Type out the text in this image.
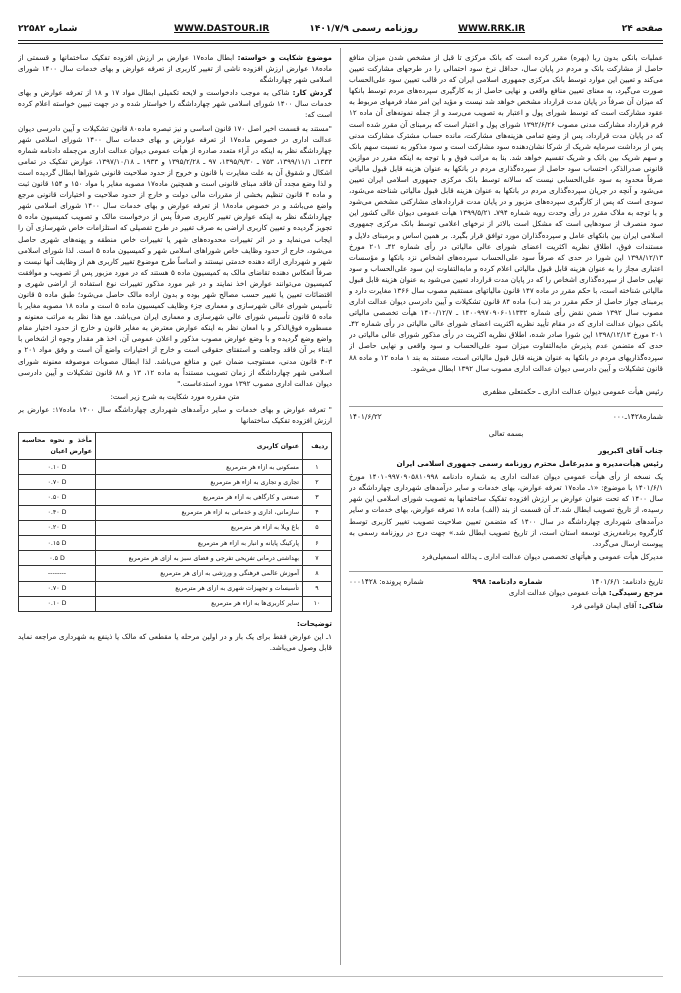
شماره ۲۲۵۸۲	WWW.DASTOUR.IR	روزنامه رسمی ۱۴۰۱/۷/۹	WWW.RRK.IR	صفحه ۲۴

عملیات بانکی بدون ربا (بهره) مقرر کرده است که بانک مرکزی تا قبل از مشخص شدن میزان منافع حاصل از مشارکت بانک و مردم در پایان سال، حداقل نرخ سود احتمالی را در طرحهای مشارکت تعیین می‌کند و تعیین این موارد توسط بانک مرکزی جمهوری اسلامی ایران که در قالب تعیین سود علی‌الحساب صورت می‌گیرد، به معنای تعیین منافع واقعی و نهایی حاصل از به کارگیری سپرده‌های مردم توسط بانکها که میزان آن صرفاً در پایان مدت قرارداد مشخص خواهد شد نیست و مؤید این امر مفاد فرمهای مربوط به عقود مشارکت است که توسط شورای پول و اعتبار به تصویب می‌رسد و از جمله نمونه‌های آن ماده ۱۲ فرم قرارداد مشارکت مدنی مصوب ۱۳۹۲/۶/۲۶ شورای پول و اعتبار است که برمبنای آن مقرر شده است که در پایان مدت قرارداد، پس از وضع تمامی هزینه‌های مشارکت، مانده حساب مشترک مشارکت مدنی پس از برداشت سرمایه شریک از شرکا نشان‌دهنده سود مشارکت است و سود مذکور به نسبت سهم بانک و سهم شریک بین بانک و شریک تقسیم خواهد شد. بنا به مراتب فوق و با توجه به اینکه مقرر در موازین قانونی صدرالذکر، احتساب سود حاصل از سپرده‌گذاری مردم در بانکها به عنوان هزینه قابل قبول مالیاتی صرفاً محدود به سود علی‌الحسابی نیست که سالانه توسط بانک مرکزی جمهوری اسلامی ایران تعیین می‌شود و آنچه در جریان سپرده‌گذاری مردم در بانکها به عنوان هزینه قابل قبول مالیاتی شناخته می‌شود، سودی است که پس از کارگیری سپرده‌های مزبور و در پایان مدت قراردادهای مشارکتی مشخص می‌شود و با توجه به ملاک مقرر در رأی وحدت رویه شماره ۷۹۴ـ ۱۳۹۹/۵/۲۱ هیأت عمومی دیوان عالی کشور این سود منصرف از سودهایی است که مشکل است بالاتر از نرخهای اعلامی توسط بانک مرکزی جمهوری اسلامی ایران بین بانکهای عامل و سپرده‌گذاران مورد توافق قرار بگیرد. بر همین اساس و برمبنای دلایل و مستندات فوق، اطلاق نظریه اکثریت اعضای شورای عالی مالیاتی در رأی شماره ۴۲ـ ۲۰۱ مورخ ۱۳۹۸/۱۲/۱۳ این شورا در حدی که صرفاً سود علی‌الحساب سپرده‌های اشخاص نزد بانکها و مؤسسات اعتباری مجاز را به عنوان هزینه قابل قبول مالیاتی اعلام کرده و مابه‌التفاوت این سود علی‌الحساب و سود نهایی حاصل از سپرده‌گذاری اشخاص را که در پایان مدت قرارداد تعیین می‌شود به عنوان هزینه قابل قبول مالیاتی شناخته است، با حکم مقرر در ماده ۱۴۷ قانون مالیاتهای مستقیم مصوب سال ۱۳۶۶ مغایرت دارد و برمبنای جواز حاصل از حکم مقرر در بند (ب) ماده ۸۴ قانون تشکیلات و آیین دادرسی دیوان عدالت اداری مصوب سال ۱۳۹۲ ضمن نقض رأی شماره ۱۴۰۰۹۹۷۰۹۰۶۰۱۱۳۳۲ ـ ۱۴۰۰/۱۲/۷ هیأت تخصصی مالیاتی بانکی دیوان عدالت اداری که در مقام تأیید نظریه اکثریت اعضای شورای عالی مالیاتی در رأی شماره ۴۲ـ ۲۰۱ مورخ ۱۳۹۸/۱۲/۱۳ این شورا صادر شده، اطلاق نظریه اکثریت در رأی مذکور شورای عالی مالیاتی در حدی که متضمن عدم پذیرش مابه‌التفاوت میزان سود علی‌الحساب و سود واقعی و نهایی حاصل از سپرده‌گذاریهای مردم در بانکها به عنوان هزینه قابل قبول مالیاتی است، مستند به بند ۱ ماده ۱۲ و ماده ۸۸ قانون تشکیلات و آیین دادرسی دیوان عدالت اداری مصوب سال ۱۳۹۲ ابطال می‌شود.

رئیس هیأت عمومی دیوان عدالت اداری ـ حکمتعلی مظفری

شماره۱۴۲۸ـ۰۰۰
۱۴۰۱/۶/۲۲
بسمه تعالی

جناب آقای اکبرپور

رئیس هیأت‌مدیره و مدیرعامل محترم روزنامه رسمی جمهوری اسلامی ایران

یک نسخه از رأی هیأت عمومی دیوان عدالت اداری به شماره دادنامه ۱۴۰۱۰۹۹۷۰۹۰۵۸۱۰۹۹۸ مورخ ۱۴۰۱/۶/۱ با موضوع: «۱ـ ماده۱۷ تعرفه عوارض، بهای خدمات و سایر درآمدهای شهرداری چهارداشگه در سال ۱۴۰۰ که تحت عنوان عوارض بر ارزش افزوده تفکیک ساختمانها به تصویب شورای اسلامی این شهر رسیده، از تاریخ تصویب ابطال شد.۲ـ آن قسمت از بند (الف) ماده ۱۸ تعرفه عوارض، بهای خدمات و سایر درآمدهای شهرداری چهارداشگه در سال ۱۴۰۰ که متضمن تعیین صلاحیت تصویب تغییر کاربری توسط کارگروه برنامه‌ریزی توسعه استان است، از تاریخ تصویب ابطال شد.» جهت درج در روزنامه رسمی به پیوست ارسال می‌گردد.

مدیرکل هیأت عمومی و هیأتهای تخصصی دیوان عدالت اداری ـ یدالله اسمعیلی‌فرد

تاریخ دادنامه: ۱۴۰۱/۶/۱
شماره دادنامه: ۹۹۸
شماره پرونده: ۰۰۰۱۴۲۸

مرجع رسیدگی: هیأت عمومی دیوان عدالت اداری

شاکی: آقای ایمان قوامی فرد

موضوع شکایت و خواسته: ابطال ماده۱۷ عوارض بر ارزش افزوده تفکیک ساختمانها و قسمتی از ماده۱۸ عوارض ارزش افزوده ناشی از تغییر کاربری از تعرفه عوارض و بهای خدمات سال ۱۴۰۰ شورای اسلامی شهر چهارداشگه

گردش کار: شاکی به موجب دادخواست و لایحه تکمیلی ابطال مواد ۱۷ و ۱۸ از تعرفه عوارض و بهای خدمات سال ۱۴۰۰ شورای اسلامی شهر چهارداشگه را خواستار شده و در جهت تبیین خواسته اعلام کرده است که:

"مستند به قسمت اخیر اصل ۱۷۰ قانون اساسی و نیز تبصره ماده۸۰ قانون تشکیلات و آیین دادرسی دیوان عدالت اداری در خصوص ماده۱۷ از تعرفه عوارض و بهای خدمات سال ۱۴۰۰ شورای اسلامی شهر چهارداشگه نظر به اینکه در آراء متعدد صادره از هیأت عمومی دیوان عدالت اداری من‌جمله دادنامه شماره ۱۳۳۳ـ ۱۳۹۹/۱۱/۱، ۷۵۳ ـ ۱۳۹۵/۹/۳۰، ۹۷ ـ ۱۳۹۵/۲/۲۸ و ۱۹۳۳ ـ ۱۳۹۷/۱۰/۱۸، عوارض تفکیک در تمامی اشکال و شقوق آن به علت مغایرت با قانون و خروج از حدود صلاحیت قانونی شوراها ابطال گردیده است و لذا وضع مجدد آن فاقد مبنای قانونی است و همچنین ماده۱۷ مصوبه مغایر با مواد ۱۵۰ و ۱۵۴ قانون ثبت و ماده ۴ قانون تنظیم بخشی از مقررات مالی دولت و خارج از حدود صلاحیت و اختیارات قانونی مرجع واضع می‌باشد و در خصوص ماده۱۸ از تعرفه عوارض و بهای خدمات سال ۱۴۰۰ شورای اسلامی شهر چهارداشگه نظر به اینکه عوارض تغییر کاربری صرفاً پس از درخواست مالک و تصویب کمیسیون ماده ۵ تجویز گردیده و تعیین کاربری اراضی به صرف تغییر در طرح تفصیلی که استلزامات خاص شهرسازی آن را ایجاب می‌نماید و در اثر تغییرات محدوده‌های شهر یا تغییرات خاص منطقه و پهنه‌های شهری حاصل می‌شود، خارج از حدود وظایف خاص شوراهای اسلامی شهر و کمیسیون ماده ۵ است. لذا شورای اسلامی شهر و شهرداری ارائه دهنده خدمتی نیستند و اساساً طرح موضوع تغییر کاربری هم از وظایف آنها نیست و صرفاً انعکاس دهنده تقاضای مالک به کمیسیون ماده ۵ هستند که در مورد مزبور پس از تصویب و موافقت کمیسیون می‌توانند عوارض اخذ نمایند و در غیر مورد مذکور تغییرات نوع استفاده از اراضی شهری و اقتضائات تعیین یا تغییر حسب مصالح شهر بوده و بدون اراده مالک حاصل می‌شود؛ طبق ماده ۵ قانون تأسیس شورای عالی شهرسازی و معماری جزء وظایف کمیسیون ماده ۵ است و ماده ۱۸ مصوبه مغایر با ماده ۵ قانون تأسیس شورای عالی شهرسازی و معماری ایران می‌باشد. مع هذا نظر به مراتب معنونه و مسطوره فوق‌الذکر و با امعان نظر به اینکه عوارض معترض به مغایر قانون و خارج از حدود اختیار مقام واضع وضع گردیده و با وضع عوارض مصوب مذکور و اعلان عمومی آن، اخذ هر مقدار وجوه از اشخاص با ابتناء بر آن فاقد وجاهت و استفتای حقوقی است و خارج از اختیارات واضع آن است و وفق مواد ۲۰۱ و ۳۰۳ قانون مدنی، مستوجب ضمان عین و منافع می‌باشد. لذا ابطال مصوبات موصوفه معنونه شورای اسلامی شهر چهارداشگه از زمان تصویب مستنداً به ماده ۱۲، ۱۳ و ۸۸ قانون تشکیلات و آیین دادرسی دیوان عدالت اداری مصوب ۱۳۹۲ مورد استدعاست."

متن مقرره مورد شکایت به شرح زیر است:

" تعرفه عوارض و بهای خدمات و سایر درآمدهای شهرداری چهارداشگه سال ۱۴۰۰ ماده۱۷: عوارض بر ارزش افزوده تفکیک ساختمانها

ردیف	عنوان کاربری	مأخذ و نحوه محاسبه عوارض اعیان
۱	مسکونی به ازاء هر مترمربع	۰.۱۰ D
۲	تجاری و تجاری به ازاء هر مترمربع	۰.۷۰ D
۳	صنعتی و کارگاهی به ازاء هر مترمربع	۰.۵۰ D
۴	سازمانی، اداری و خدماتی به ازاء هر مترمربع	۰.۴۰ D
۵	باغ ویلا به ازاء هر مترمربع	۰.۲۰ D
۶	پارکینگ پایانه و انبار به ازاء هر مترمربع	۰.۱۵ D
۷	بهداشتی درمانی تفریحی تفرجی و فضای سبز به ازای هر مترمربع	۰.۵ D
۸	آموزش عالمی فرهنگی و ورزشی به ازای هر مترمربع	--------
۹	تأسیسات و تجهیزات شهری به ازای هر مترمربع	۰.۷۰ D
۱۰	سایر کاربری‌ها به ازاء هر مترمربع	۰.۱۰ D

توضیحات:

۱ـ این عوارض فقط برای یک بار و در اولین مرحله یا مقطعی که مالک یا ذینفع به شهرداری مراجعه نماید قابل وصول می‌باشد.
